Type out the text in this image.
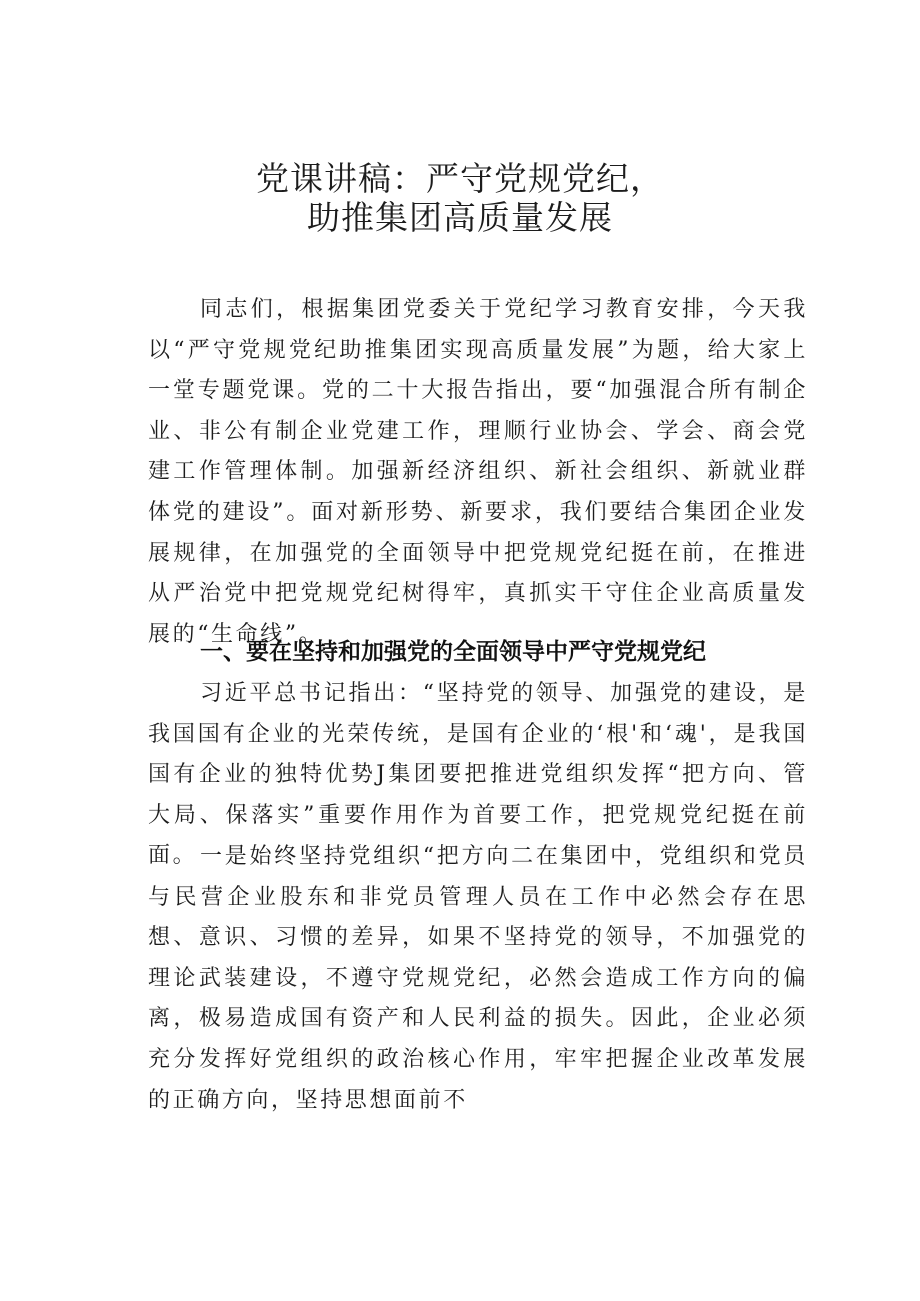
党课讲稿：严守党规党纪，
助推集团高质量发展

同志们，根据集团党委关于党纪学习教育安排，今天我以“严守党规党纪助推集团实现高质量发展”为题，给大家上一堂专题党课。党的二十大报告指出，要“加强混合所有制企业、非公有制企业党建工作，理顺行业协会、学会、商会党建工作管理体制。加强新经济组织、新社会组织、新就业群体党的建设”。面对新形势、新要求，我们要结合集团企业发展规律，在加强党的全面领导中把党规党纪挺在前，在推进从严治党中把党规党纪树得牢，真抓实干守住企业高质量发展的“生命线”。

一、要在坚持和加强党的全面领导中严守党规党纪

习近平总书记指出：“坚持党的领导、加强党的建设，是我国国有企业的光荣传统，是国有企业的‘根'和‘魂'，是我国国有企业的独特优势J集团要把推进党组织发挥“把方向、管大局、保落实”重要作用作为首要工作，把党规党纪挺在前面。 一是始终坚持党组织“把方向二在集团中，党组织和党员与民营企业股东和非党员管理人员在工作中必然会存在思想、意识、习惯的差异，如果不坚持党的领导，不加强党的理论武装建设，不遵守党规党纪，必然会造成工作方向的偏离，极易造成国有资产和人民利益的损失。因此，企业必须充分发挥好党组织的政治核心作用，牢牢把握企业改革发展的正确方向，坚持思想面前不
